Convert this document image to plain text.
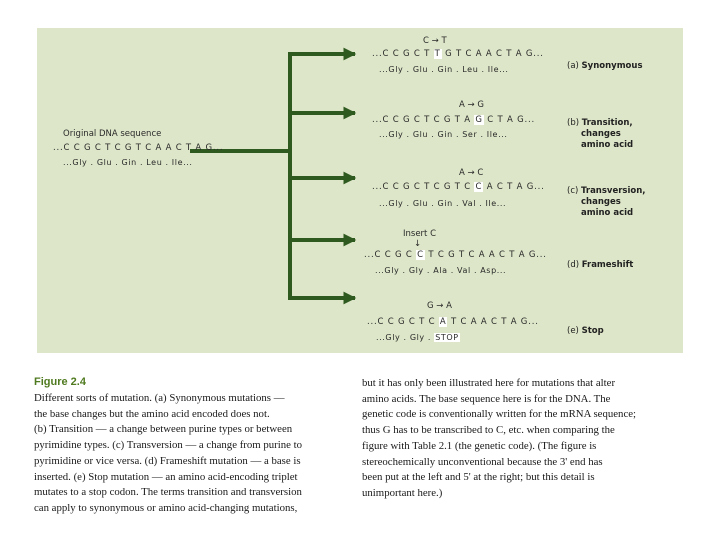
Original DNA sequence
...C C G C T C G T C A A C T A G...
...Gly . Glu . Gin . Leu . Ile...
C → T
...C C G C T T G T C A A C T A G...
...Gly . Glu . Gin . Leu . Ile...	(a) Synonymous
A → G
...C C G C T C G T A G C T A G...
...Gly . Glu . Gin . Ser . Ile...
(b) Transition,
changes
amino acid
A → C
...C C G C T C G T C C A C T A G...
...Gly . Glu . Gin . Val . Ile...
(c) Transversion,
changes
amino acid
Insert C
↓
...C C G C C T C G T C A A C T A G...
...Gly . Gly . Ala . Val . Asp...
(d) Frameshift
G → A
...C C G C T C A T C A A C T A G...
...Gly . Gly . STOP
(e) Stop
Figure 2.4
Different sorts of mutation. (a) Synonymous mutations —
the base changes but the amino acid encoded does not.
(b) Transition — a change between purine types or between
pyrimidine types. (c) Transversion — a change from purine to
pyrimidine or vice versa. (d) Frameshift mutation — a base is
inserted. (e) Stop mutation — an amino acid-encoding triplet
mutates to a stop codon. The terms transition and transversion
can apply to synonymous or amino acid-changing mutations,
but it has only been illustrated here for mutations that alter
amino acids. The base sequence here is for the DNA. The
genetic code is conventionally written for the mRNA sequence;
thus G has to be transcribed to C, etc. when comparing the
figure with Table 2.1 (the genetic code). (The figure is
stereochemically unconventional because the 3' end has
been put at the left and 5' at the right; but this detail is
unimportant here.)
